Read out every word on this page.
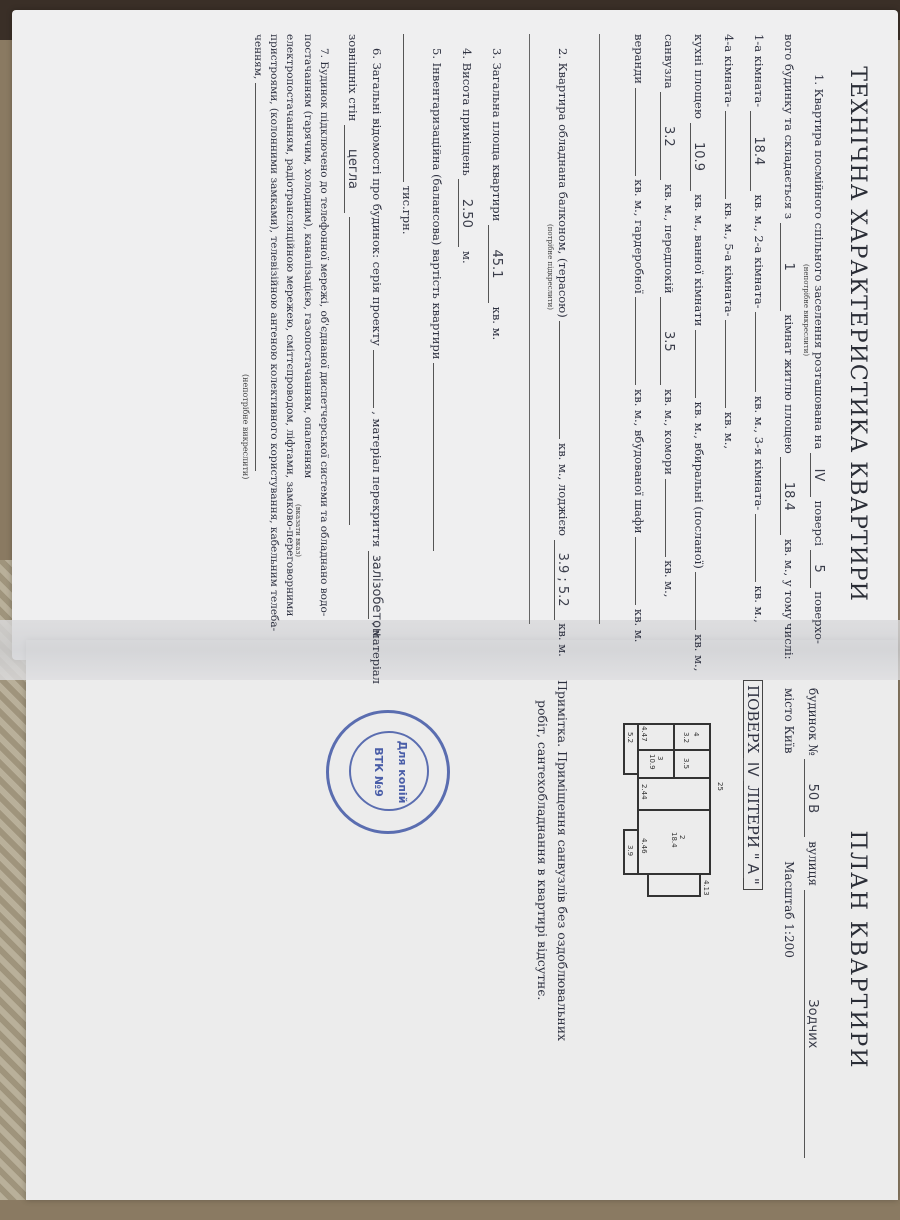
ТЕХНІЧНА ХАРАКТЕРИСТИКА КВАРТИРИ
1. Квартира посмійного спільного заселення розташована на IV поверсі 5 поверхо-
(непотрібне викреслити)
вого будинку та складається з 1 кімнат житлю площею 18.4 кв. м., у тому числі:
1-а кімната- 18.4 кв. м., 2-а кімната-  кв. м., 3-я кімната-  кв. м.,
4-а кімната-  кв. м., 5-а кімната-  кв. м.,
кухні площею 10.9 кв. м., ванної кімнати  кв. м., вбиральні (посланої)  кв. м.,
санвузла 3.2 кв. м., передпокій 3.5 кв. м., комори  кв. м.,
веранди  кв. м., гардеробної  кв. м., вбудованої шафи  кв. м.
2. Квартира обладнана балконом, (терасою)  кв. м., лоджією 3.9 ; 5.2 кв. м.
(потрібне підкреслити)
3. Загальна площа квартири 45.1 кв. м.
4. Висота приміщень 2.50 м.
5. Інвентаризаційна (балансова) вартість квартири
тис.грн.
6. Загальні відомості про будинок: серія проекту  , матеріал перекриття залізобетон , матеріал
зовнішніх стін цегла
7. Будинок підключено до телефонної мережі, об'єднаної диспетчерської системи та обладнано водо-
постачанням (гарячим, холодним), каналізацією, газопостачанням, опаленням
(вказати вказ)
електропостачанням, радіотрансляційною мережею, сміттєпроводом, ліфтами, замково-переговорними
пристроями, (колонними замками), телевізійною антеною колективного користування, кабельним телеба-
ченням,
(непотрібне викреслити)
ПЛАН КВАРТИРИ
будинок № 50 В вулиця Зодчих
місто Київ  Масштаб 1:200
ПОВЕРХ IV ЛІТЕРИ "А"
4
3.2
3.5
3
10.9
2
18.4
5.2
3.9
2.44
4.47
4.46
4.13
25
Примітка. Приміщення санвузлів без оздоблювальних
робіт, сантехобладнання в квартирі відсутнє.
Для копій
ВТК №9
